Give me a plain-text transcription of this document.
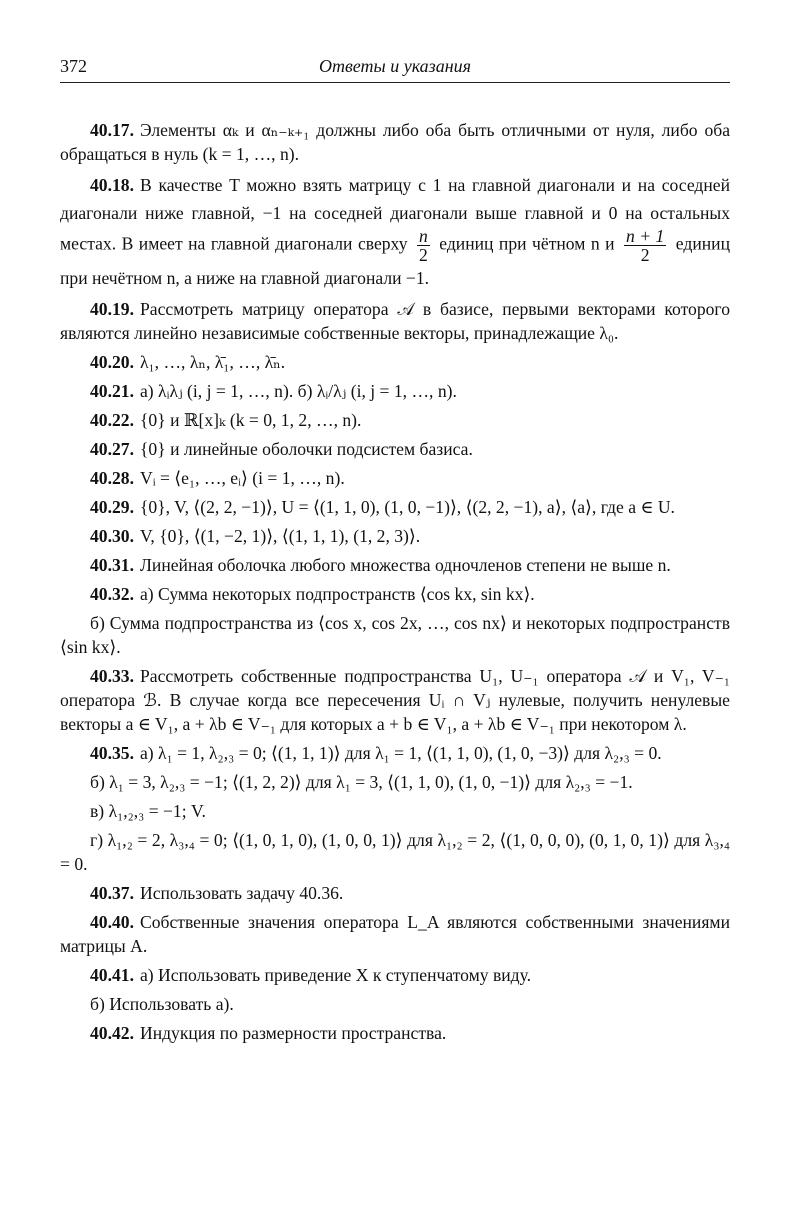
372	Ответы и указания

40.17. Элементы αₖ и αₙ₋ₖ₊₁ должны либо оба быть отличными от нуля, либо оба обращаться в нуль (k = 1, …, n).

40.18. В качестве T можно взять матрицу с 1 на главной диагонали и на соседней диагонали ниже главной, −1 на соседней диагонали выше главной и 0 на остальных местах. B имеет на главной диагонали сверху $\frac{n}{2}$ единиц при чётном n и $\frac{n + 1}{2}$ единиц при нечётном n, а ниже на главной диагонали −1.

40.19. Рассмотреть матрицу оператора 𝒜 в базисе, первыми векторами которого являются линейно независимые собственные векторы, принадлежащие λ₀.

40.20. λ₁, …, λₙ, λ̄₁, …, λ̄ₙ.

40.21. а) λᵢλⱼ (i, j = 1, …, n). б) λᵢ/λⱼ (i, j = 1, …, n).

40.22. {0} и ℝ[x]ₖ (k = 0, 1, 2, …, n).

40.27. {0} и линейные оболочки подсистем базиса.

40.28. Vᵢ = ⟨e₁, …, eᵢ⟩ (i = 1, …, n).

40.29. {0}, V, ⟨(2, 2, −1)⟩, U = ⟨(1, 1, 0), (1, 0, −1)⟩, ⟨(2, 2, −1), a⟩, ⟨a⟩, где a ∈ U.

40.30. V, {0}, ⟨(1, −2, 1)⟩, ⟨(1, 1, 1), (1, 2, 3)⟩.

40.31. Линейная оболочка любого множества одночленов степени не выше n.

40.32. а) Сумма некоторых подпространств ⟨cos kx, sin kx⟩.

б) Сумма подпространства из ⟨cos x, cos 2x, …, cos nx⟩ и некоторых подпространств ⟨sin kx⟩.

40.33. Рассмотреть собственные подпространства U₁, U₋₁ оператора 𝒜 и V₁, V₋₁ оператора ℬ. В случае когда все пересечения Uᵢ ∩ Vⱼ нулевые, получить ненулевые векторы a ∈ V₁, a + λb ∈ V₋₁ для которых a + b ∈ V₁, a + λb ∈ V₋₁ при некотором λ.

40.35. а) λ₁ = 1, λ₂,₃ = 0; ⟨(1, 1, 1)⟩ для λ₁ = 1, ⟨(1, 1, 0), (1, 0, −3)⟩ для λ₂,₃ = 0.

б) λ₁ = 3, λ₂,₃ = −1; ⟨(1, 2, 2)⟩ для λ₁ = 3, ⟨(1, 1, 0), (1, 0, −1)⟩ для λ₂,₃ = −1.

в) λ₁,₂,₃ = −1; V.

г) λ₁,₂ = 2, λ₃,₄ = 0; ⟨(1, 0, 1, 0), (1, 0, 0, 1)⟩ для λ₁,₂ = 2, ⟨(1, 0, 0, 0), (0, 1, 0, 1)⟩ для λ₃,₄ = 0.

40.37. Использовать задачу 40.36.

40.40. Собственные значения оператора L_A являются собственными значениями матрицы A.

40.41. а) Использовать приведение X к ступенчатому виду.

б) Использовать а).

40.42. Индукция по размерности пространства.
